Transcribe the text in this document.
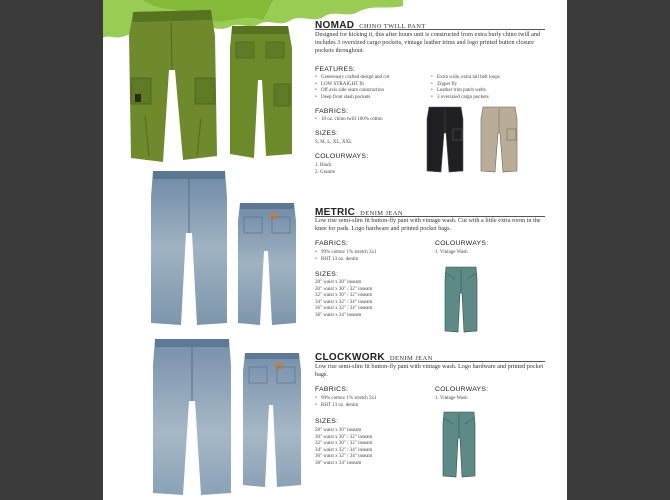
NOMAD CHINO TWILL PANT
Designed for kicking it, this after hours unit is constructed from extra burly chino twill and includes 3 oversized cargo pockets, vintage leather trims and logo printed button closure pockets throughout.
FEATURES:
• Generously crafted design and cut
• LOW STRAIGHT fit
• Off axis side seam construction
• Deep front slash pockets
• Extra wide, extra tall belt loops
• Zipper fly
• Leather trim patch welts
• 3 oversized cargo pockets
FABRICS:
• 10 oz. chino twill 100% cotton
SIZES:
S, M, L, XL, XXL
COLOURWAYS:
1. Black
2. Granite
METRIC DENIM JEAN
Low rise semi-slim fit button-fly pant with vintage wash. Cut with a little extra room in the knee for pads. Logo hardware and printed pocket bags.
FABRICS:
• 99% cotton/ 1% stretch 3x1
• RHT 13 oz. denim
SIZES:
28" waist x 30" inseam
30" waist x 30" / 32" inseam
32" waist x 30" / 32" inseam
34" waist x 32" / 34" inseam
36" waist x 32" / 34" inseam
38" waist x 34" inseam
COLOURWAYS:
1. Vintage Wash
CLOCKWORK DENIM JEAN
Low rise semi-slim fit button-fly pant with vintage wash. Logo hardware and printed pocket bags.
FABRICS:
• 99% cotton/ 1% stretch 3x1
• RHT 13 oz. denim
SIZES:
28" waist x 30" inseam
30" waist x 30" / 32" inseam
32" waist x 30" / 32" inseam
34" waist x 32" / 34" inseam
36" waist x 32" / 34" inseam
38" waist x 34" inseam
COLOURWAYS:
1. Vintage Wash
